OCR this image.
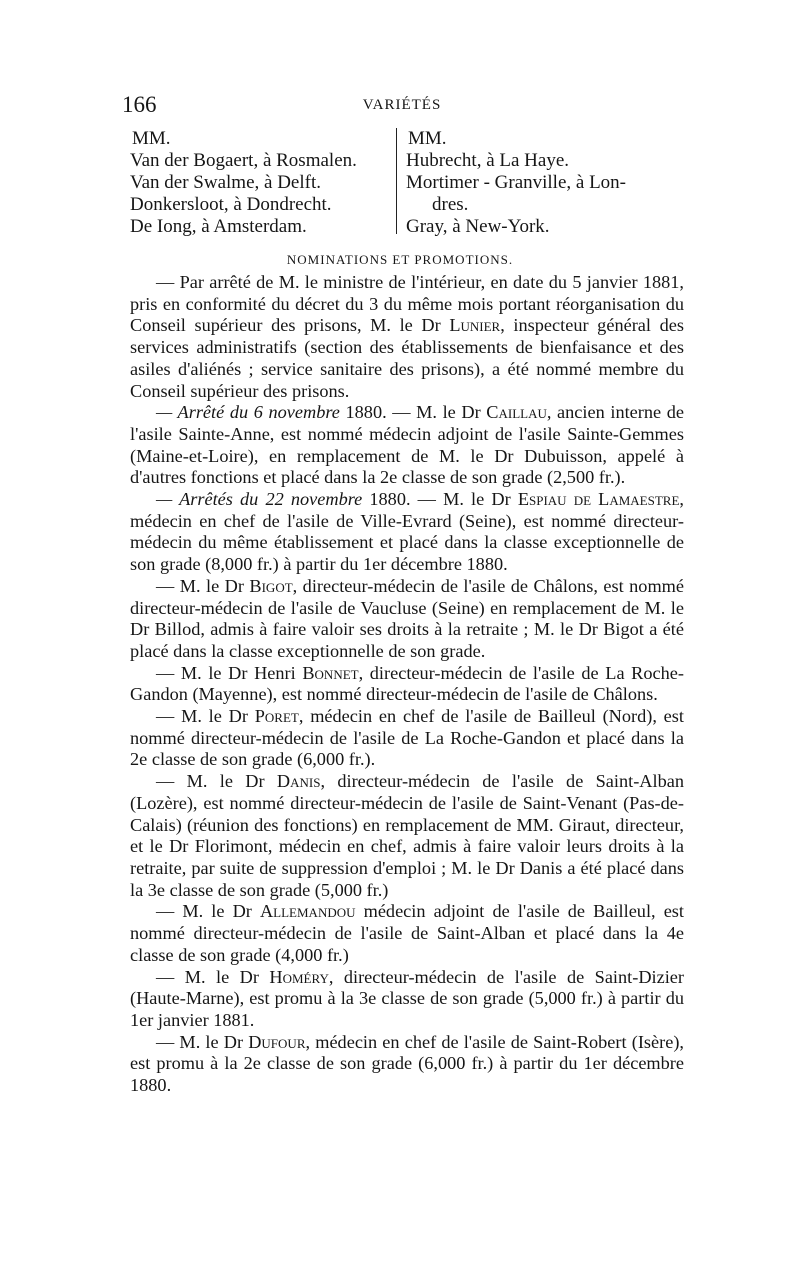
166	VARIÉTÉS
MM.
Van der Bogaert, à Rosmalen.
Van der Swalme, à Delft.
Donkersloot, à Dondrecht.
De Iong, à Amsterdam.
MM.
Hubrecht, à La Haye.
Mortimer - Granville, à Lon-
dres.
Gray, à New-York.
NOMINATIONS ET PROMOTIONS.

— Par arrêté de M. le ministre de l'intérieur, en date du 5 janvier 1881, pris en conformité du décret du 3 du même mois portant réorganisation du Conseil supérieur des prisons, M. le Dr Lunier, inspecteur général des services administratifs (section des établissements de bienfaisance et des asiles d'aliénés ; service sanitaire des prisons), a été nommé membre du Conseil supérieur des prisons.

— Arrêté du 6 novembre 1880. — M. le Dr Caillau, ancien interne de l'asile Sainte-Anne, est nommé médecin adjoint de l'asile Sainte-Gemmes (Maine-et-Loire), en remplacement de M. le Dr Dubuisson, appelé à d'autres fonctions et placé dans la 2e classe de son grade (2,500 fr.).

— Arrêtés du 22 novembre 1880. — M. le Dr Espiau de Lamaestre, médecin en chef de l'asile de Ville-Evrard (Seine), est nommé directeur-médecin du même établissement et placé dans la classe exceptionnelle de son grade (8,000 fr.) à partir du 1er décembre 1880.

— M. le Dr Bigot, directeur-médecin de l'asile de Châlons, est nommé directeur-médecin de l'asile de Vaucluse (Seine) en remplacement de M. le Dr Billod, admis à faire valoir ses droits à la retraite ; M. le Dr Bigot a été placé dans la classe exceptionnelle de son grade.

— M. le Dr Henri Bonnet, directeur-médecin de l'asile de La Roche-Gandon (Mayenne), est nommé directeur-médecin de l'asile de Châlons.

— M. le Dr Poret, médecin en chef de l'asile de Bailleul (Nord), est nommé directeur-médecin de l'asile de La Roche-Gandon et placé dans la 2e classe de son grade (6,000 fr.).

— M. le Dr Danis, directeur-médecin de l'asile de Saint-Alban (Lozère), est nommé directeur-médecin de l'asile de Saint-Venant (Pas-de-Calais) (réunion des fonctions) en remplacement de MM. Giraut, directeur, et le Dr Florimont, médecin en chef, admis à faire valoir leurs droits à la retraite, par suite de suppression d'emploi ; M. le Dr Danis a été placé dans la 3e classe de son grade (5,000 fr.)

— M. le Dr Allemandou médecin adjoint de l'asile de Bailleul, est nommé directeur-médecin de l'asile de Saint-Alban et placé dans la 4e classe de son grade (4,000 fr.)

— M. le Dr Homéry, directeur-médecin de l'asile de Saint-Dizier (Haute-Marne), est promu à la 3e classe de son grade (5,000 fr.) à partir du 1er janvier 1881.

— M. le Dr Dufour, médecin en chef de l'asile de Saint-Robert (Isère), est promu à la 2e classe de son grade (6,000 fr.) à partir du 1er décembre 1880.
